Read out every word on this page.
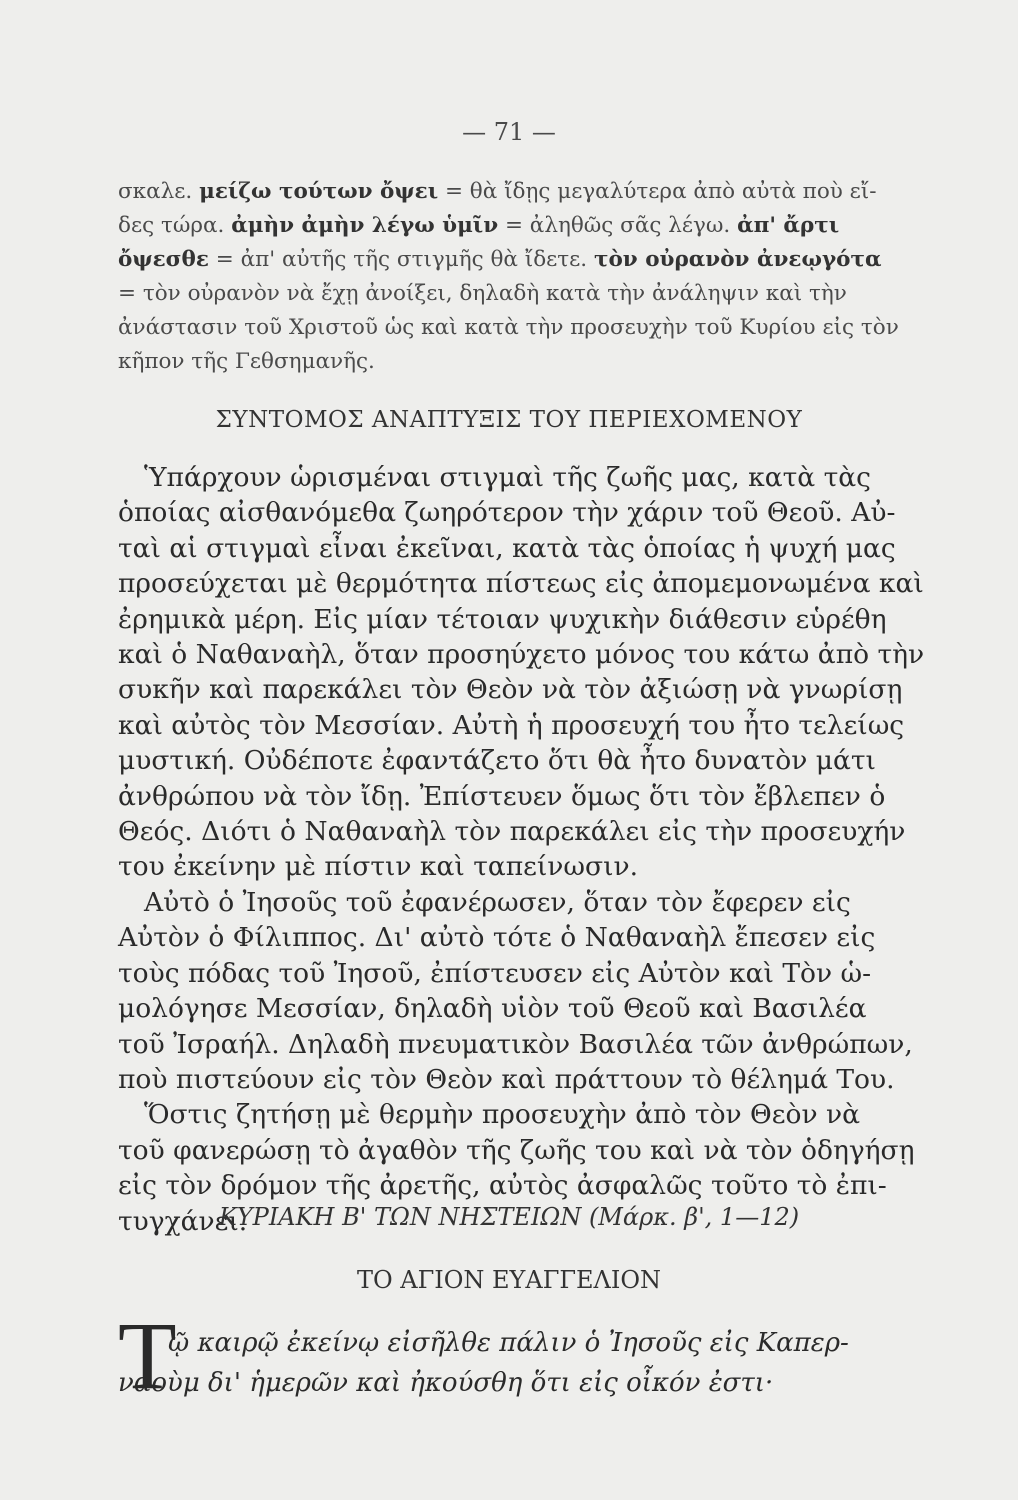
— 71 —
σκαλε. μείζω τούτων ὄψει = θὰ ἴδῃς μεγαλύτερα ἀπὸ αὐτὰ ποὺ εἴ-
δες τώρα. ἀμὴν ἀμὴν λέγω ὑμῖν = ἀληθῶς σᾶς λέγω. ἀπ' ἄρτι
ὄψεσθε = ἀπ' αὐτῆς τῆς στιγμῆς θὰ ἴδετε. τὸν οὐρανὸν ἀνεῳγότα
= τὸν οὐρανὸν νὰ ἔχῃ ἀνοίξει, δηλαδὴ κατὰ τὴν ἀνάληψιν καὶ τὴν
ἀνάστασιν τοῦ Χριστοῦ ὡς καὶ κατὰ τὴν προσευχὴν τοῦ Κυρίου εἰς τὸν
κῆπον τῆς Γεθσημανῆς.
ΣΥΝΤΟΜΟΣ ΑΝΑΠΤΥΞΙΣ ΤΟΥ ΠΕΡΙΕΧΟΜΕΝΟΥ
Ὑπάρχουν ὡρισμέναι στιγμαὶ τῆς ζωῆς μας, κατὰ τὰς
ὁποίας αἰσθανόμεθα ζωηρότερον τὴν χάριν τοῦ Θεοῦ. Αὐ-
ταὶ αἱ στιγμαὶ εἶναι ἐκεῖναι, κατὰ τὰς ὁποίας ἡ ψυχή μας
προσεύχεται μὲ θερμότητα πίστεως εἰς ἀπομεμονωμένα καὶ
ἐρημικὰ μέρη. Εἰς μίαν τέτοιαν ψυχικὴν διάθεσιν εὑρέθη
καὶ ὁ Ναθαναὴλ, ὅταν προσηύχετο μόνος του κάτω ἀπὸ τὴν
συκῆν καὶ παρεκάλει τὸν Θεὸν νὰ τὸν ἀξιώσῃ νὰ γνωρίσῃ
καὶ αὐτὸς τὸν Μεσσίαν. Αὐτὴ ἡ προσευχή του ἦτο τελείως
μυστική. Οὐδέποτε ἐφαντάζετο ὅτι θὰ ἦτο δυνατὸν μάτι
ἀνθρώπου νὰ τὸν ἴδῃ. Ἐπίστευεν ὅμως ὅτι τὸν ἔβλεπεν ὁ
Θεός. Διότι ὁ Ναθαναὴλ τὸν παρεκάλει εἰς τὴν προσευχήν
του ἐκείνην μὲ πίστιν καὶ ταπείνωσιν.
Αὐτὸ ὁ Ἰησοῦς τοῦ ἐφανέρωσεν, ὅταν τὸν ἔφερεν εἰς
Αὐτὸν ὁ Φίλιππος. Δι' αὐτὸ τότε ὁ Ναθαναὴλ ἔπεσεν εἰς
τοὺς πόδας τοῦ Ἰησοῦ, ἐπίστευσεν εἰς Αὐτὸν καὶ Τὸν ὡ-
μολόγησε Μεσσίαν, δηλαδὴ υἱὸν τοῦ Θεοῦ καὶ Βασιλέα
τοῦ Ἰσραήλ. Δηλαδὴ πνευματικὸν Βασιλέα τῶν ἀνθρώπων,
ποὺ πιστεύουν εἰς τὸν Θεὸν καὶ πράττουν τὸ θέλημά Του.
Ὅστις ζητήσῃ μὲ θερμὴν προσευχὴν ἀπὸ τὸν Θεὸν νὰ
τοῦ φανερώσῃ τὸ ἀγαθὸν τῆς ζωῆς του καὶ νὰ τὸν ὁδηγήσῃ
εἰς τὸν δρόμον τῆς ἀρετῆς, αὐτὸς ἀσφαλῶς τοῦτο τὸ ἐπι-
τυγχάνει.
ΚΥΡΙΑΚΗ Β' ΤΩΝ ΝΗΣΤΕΙΩΝ (Μάρκ. β', 1—12)
ΤΟ ΑΓΙΟΝ ΕΥΑΓΓΕΛΙΟΝ
Τ
ῷ καιρῷ ἐκείνῳ εἰσῆλθε πάλιν ὁ Ἰησοῦς εἰς Καπερ-
ναοὺμ δι' ἡμερῶν καὶ ἠκούσθη ὅτι εἰς οἶκόν ἐστι·
